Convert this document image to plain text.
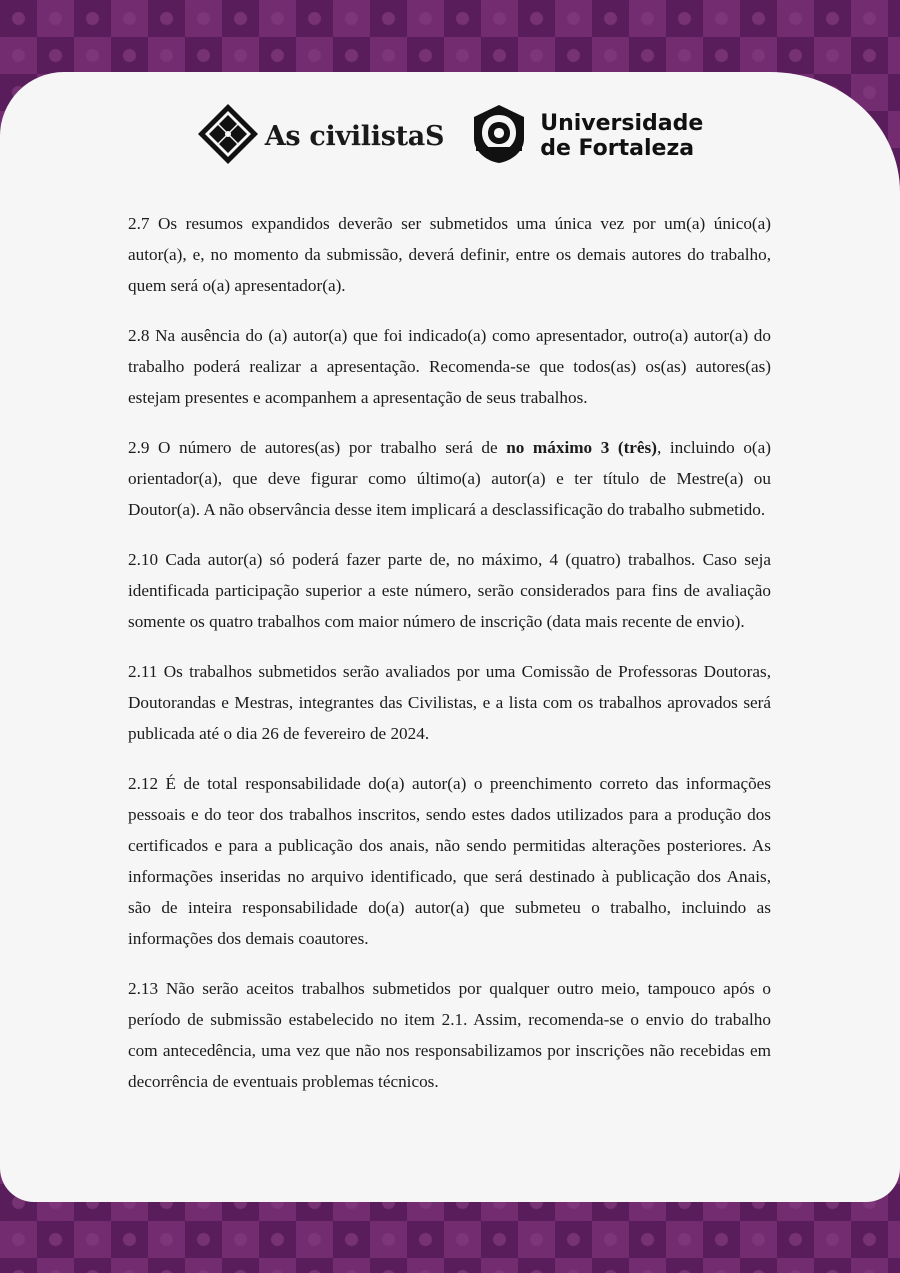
As civilistaS	Universidade
de Fortaleza

2.7 Os resumos expandidos deverão ser submetidos uma única vez por um(a) único(a) autor(a), e, no momento da submissão, deverá definir, entre os demais autores do trabalho, quem será o(a) apresentador(a).

2.8 Na ausência do (a) autor(a) que foi indicado(a) como apresentador, outro(a) autor(a) do trabalho poderá realizar a apresentação. Recomenda-se que todos(as) os(as) autores(as) estejam presentes e acompanhem a apresentação de seus trabalhos.

2.9 O número de autores(as) por trabalho será de no máximo 3 (três), incluindo o(a) orientador(a), que deve figurar como último(a) autor(a) e ter título de Mestre(a) ou Doutor(a). A não observância desse item implicará a desclassificação do trabalho submetido.

2.10 Cada autor(a) só poderá fazer parte de, no máximo, 4 (quatro) trabalhos. Caso seja identificada participação superior a este número, serão considerados para fins de avaliação somente os quatro trabalhos com maior número de inscrição (data mais recente de envio).

2.11 Os trabalhos submetidos serão avaliados por uma Comissão de Professoras Doutoras, Doutorandas e Mestras, integrantes das Civilistas, e a lista com os trabalhos aprovados será publicada até o dia 26 de fevereiro de 2024.

2.12 É de total responsabilidade do(a) autor(a) o preenchimento correto das informações pessoais e do teor dos trabalhos inscritos, sendo estes dados utilizados para a produção dos certificados e para a publicação dos anais, não sendo permitidas alterações posteriores. As informações inseridas no arquivo identificado, que será destinado à publicação dos Anais, são de inteira responsabilidade do(a) autor(a) que submeteu o trabalho, incluindo as informações dos demais coautores.

2.13 Não serão aceitos trabalhos submetidos por qualquer outro meio, tampouco após o período de submissão estabelecido no item 2.1. Assim, recomenda-se o envio do trabalho com antecedência, uma vez que não nos responsabilizamos por inscrições não recebidas em decorrência de eventuais problemas técnicos.
